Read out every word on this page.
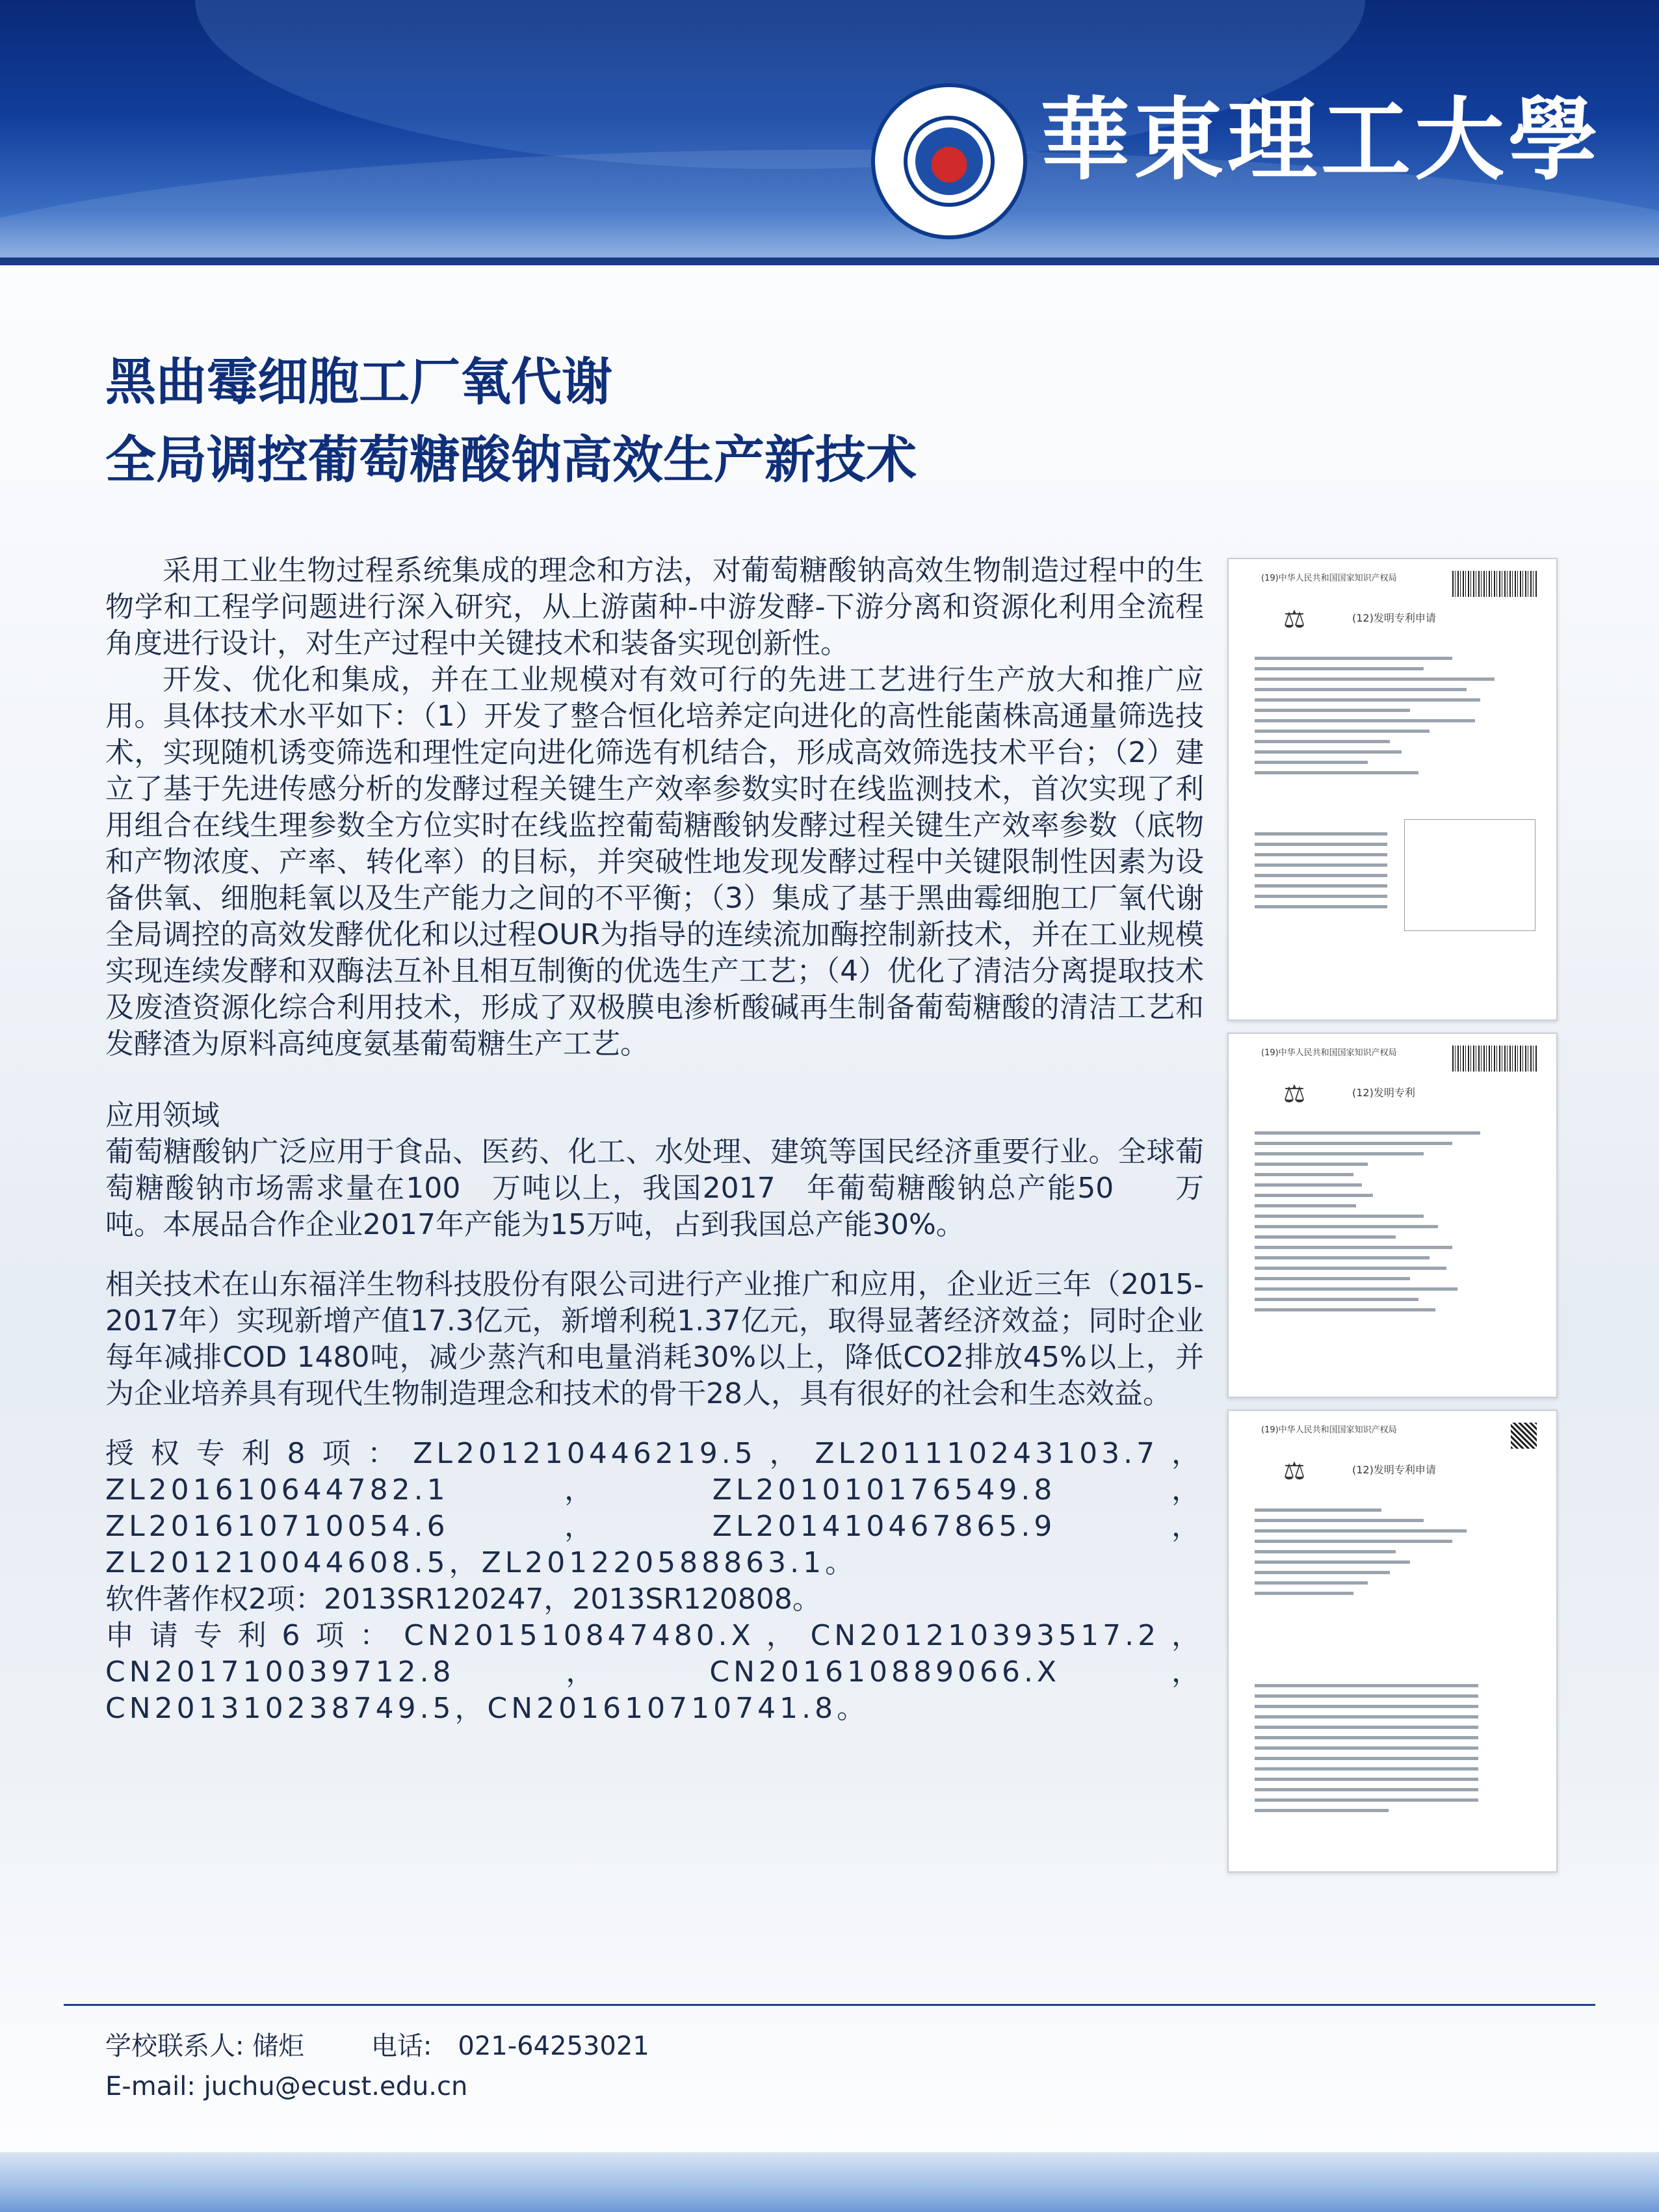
華東理工大學
黑曲霉细胞工厂氧代谢
全局调控葡萄糖酸钠高效生产新技术

采用工业生物过程系统集成的理念和方法，对葡萄糖酸钠高效生物制造过程中的生物学和工程学问题进行深入研究，从上游菌种-中游发酵-下游分离和资源化利用全流程角度进行设计，对生产过程中关键技术和装备实现创新性。

开发、优化和集成，并在工业规模对有效可行的先进工艺进行生产放大和推广应用。具体技术水平如下：（1）开发了整合恒化培养定向进化的高性能菌株高通量筛选技术，实现随机诱变筛选和理性定向进化筛选有机结合，形成高效筛选技术平台；（2）建立了基于先进传感分析的发酵过程关键生产效率参数实时在线监测技术，首次实现了利用组合在线生理参数全方位实时在线监控葡萄糖酸钠发酵过程关键生产效率参数（底物和产物浓度、产率、转化率）的目标，并突破性地发现发酵过程中关键限制性因素为设备供氧、细胞耗氧以及生产能力之间的不平衡；（3）集成了基于黑曲霉细胞工厂氧代谢全局调控的高效发酵优化和以过程OUR为指导的连续流加酶控制新技术，并在工业规模实现连续发酵和双酶法互补且相互制衡的优选生产工艺；（4）优化了清洁分离提取技术及废渣资源化综合利用技术，形成了双极膜电渗析酸碱再生制备葡萄糖酸的清洁工艺和发酵渣为原料高纯度氨基葡萄糖生产工艺。

应用领域

葡萄糖酸钠广泛应用于食品、医药、化工、水处理、建筑等国民经济重要行业。全球葡萄糖酸钠市场需求量在100　万吨以上，我国2017　年葡萄糖酸钠总产能50　　万吨。本展品合作企业2017年产能为15万吨，占到我国总产能30%。

相关技术在山东福洋生物科技股份有限公司进行产业推广和应用，企业近三年（2015-2017年）实现新增产值17.3亿元，新增利税1.37亿元，取得显著经济效益；同时企业每年减排COD 1480吨，减少蒸汽和电量消耗30%以上，降低CO2排放45%以上，并为企业培养具有现代生物制造理念和技术的骨干28人，具有很好的社会和生态效益。

授权专利8项：ZL201210446219.5，ZL201110243103.7，ZL201610644782.1，ZL201010176549.8，ZL201610710054.6，ZL201410467865.9，ZL201210044608.5，ZL201220588863.1。

软件著作权2项：2013SR120247，2013SR120808。

申请专利6项：CN201510847480.X，CN201210393517.2，CN201710039712.8，CN201610889066.X，CN201310238749.5，CN201610710741.8。

(19)中华人民共和国国家知识产权局
⚖	(12)发明专利申请
(19)中华人民共和国国家知识产权局
⚖	(12)发明专利
(19)中华人民共和国国家知识产权局
⚖	(12)发明专利申请
学校联系人: 储炬	电话:　021-64253021
E-mail: juchu@ecust.edu.cn
